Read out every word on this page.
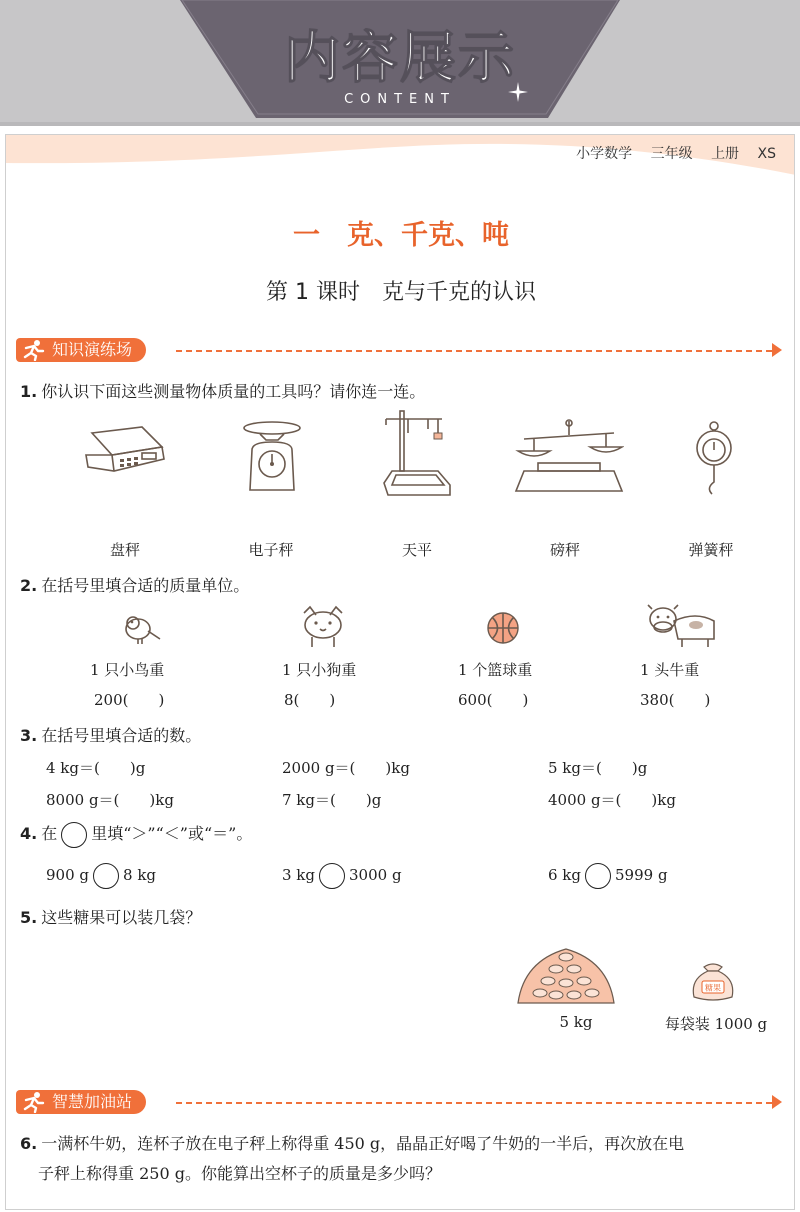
内容展示
CONTENT
小学数学 三年级 上册 XS
一　克、千克、吨
第 1 课时　克与千克的认识
知识演练场
1. 你认识下面这些测量物体质量的工具吗？请你连一连。
盘秤	电子秤	天平	磅秤	弹簧秤
2. 在括号里填合适的质量单位。
1 只小鸟重	1 只小狗重	1 个篮球重	1 头牛重
200(　　)	8(　　)	600(　　)	380(　　)
3. 在括号里填合适的数。
4 kg＝(　　)g	2000 g＝(　　)kg	5 kg＝(　　)g
8000 g＝(　　)kg	7 kg＝(　　)g	4000 g＝(　　)kg
4. 在 里填“＞”“＜”或“＝”。
900 g 8 kg	3 kg 3000 g	6 kg 5999 g
5. 这些糖果可以装几袋？
糖果
5 kg	每袋装 1000 g
智慧加油站
6. 一满杯牛奶，连杯子放在电子秤上称得重 450 g，晶晶正好喝了牛奶的一半后，再次放在电
子秤上称得重 250 g。你能算出空杯子的质量是多少吗？
